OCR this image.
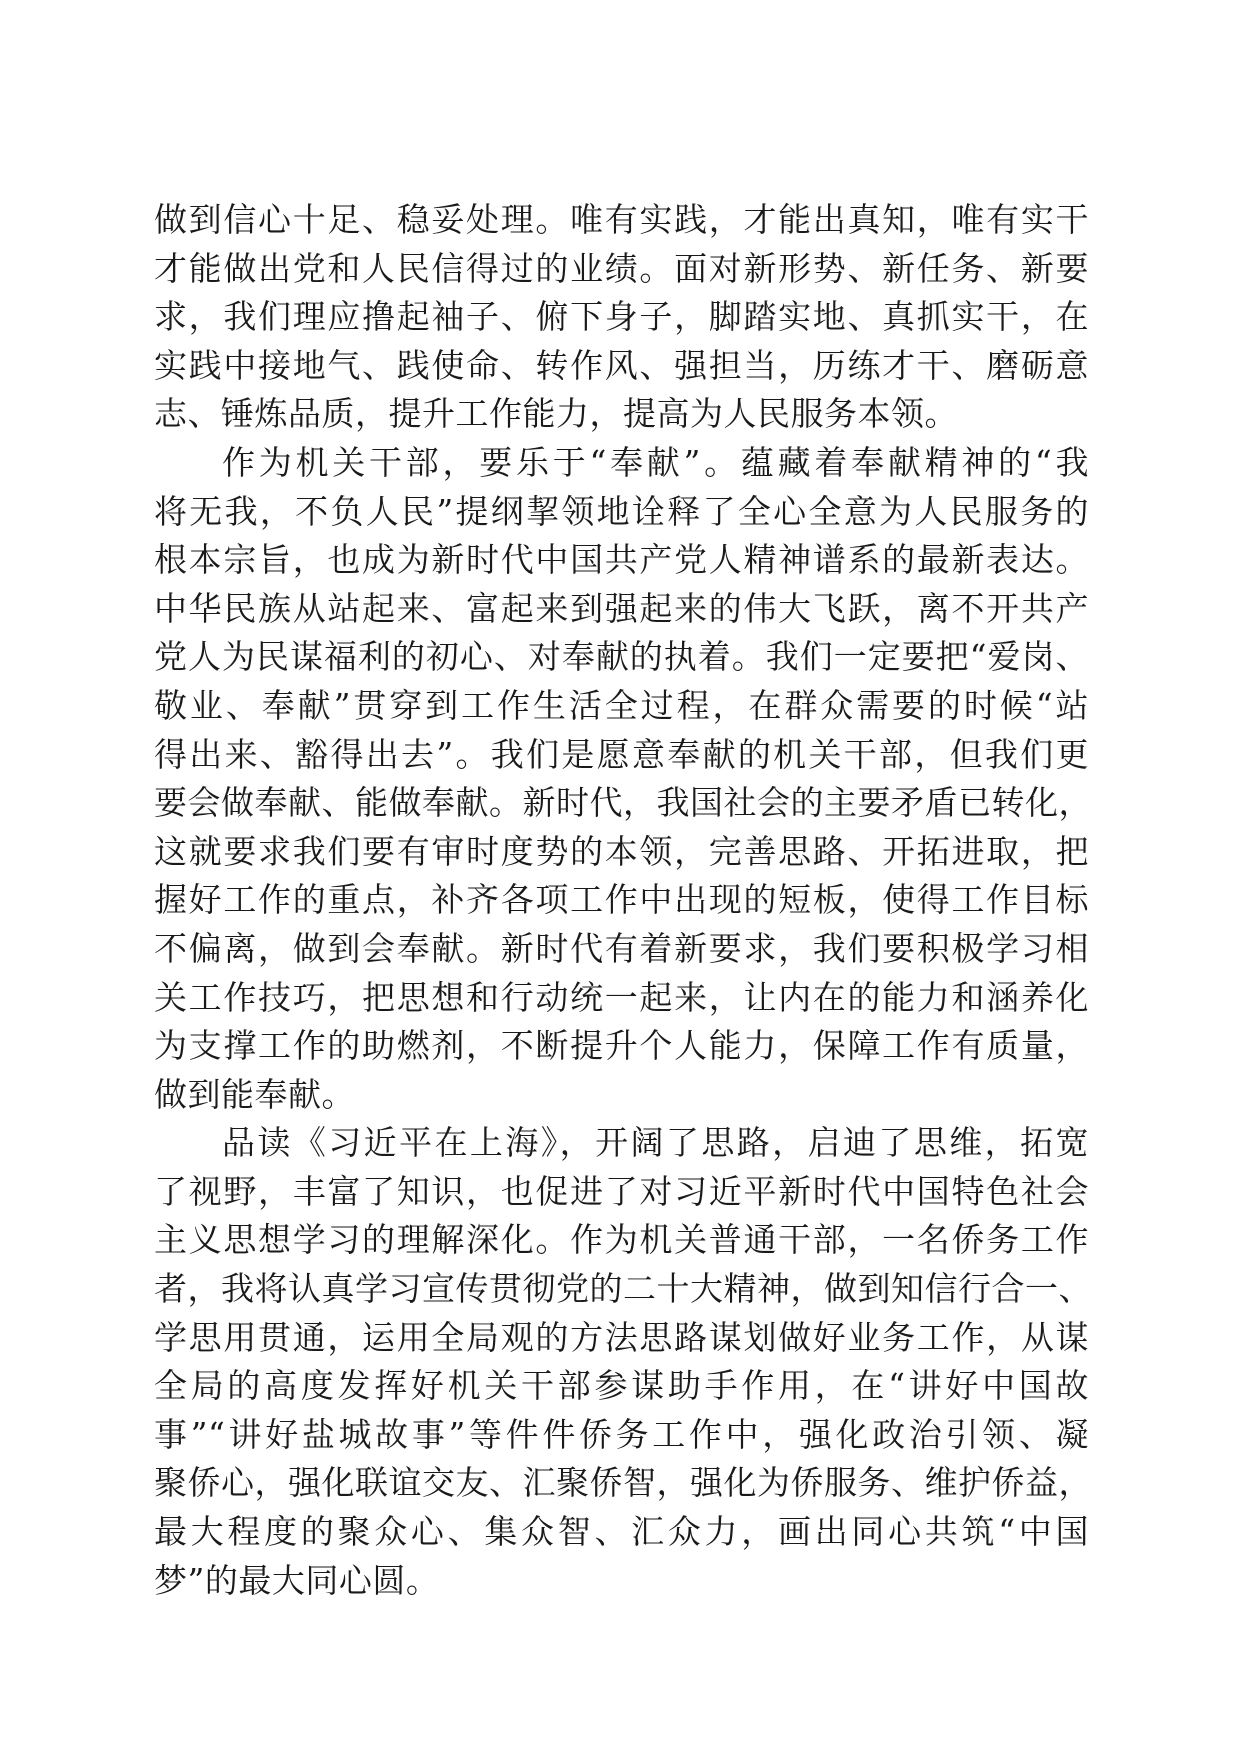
做到信心十足、稳妥处理。唯有实践，才能出真知，唯有实干
才能做出党和人民信得过的业绩。面对新形势、新任务、新要
求，我们理应撸起袖子、俯下身子，脚踏实地、真抓实干，在
实践中接地气、践使命、转作风、强担当，历练才干、磨砺意
志、锤炼品质，提升工作能力，提高为人民服务本领。
作为机关干部，要乐于“奉献”。蕴藏着奉献精神的“我
将无我，不负人民”提纲挈领地诠释了全心全意为人民服务的
根本宗旨，也成为新时代中国共产党人精神谱系的最新表达。
中华民族从站起来、富起来到强起来的伟大飞跃，离不开共产
党人为民谋福利的初心、对奉献的执着。我们一定要把“爱岗、
敬业、奉献”贯穿到工作生活全过程，在群众需要的时候“站
得出来、豁得出去”。我们是愿意奉献的机关干部，但我们更
要会做奉献、能做奉献。新时代，我国社会的主要矛盾已转化，
这就要求我们要有审时度势的本领，完善思路、开拓进取，把
握好工作的重点，补齐各项工作中出现的短板，使得工作目标
不偏离，做到会奉献。新时代有着新要求，我们要积极学习相
关工作技巧，把思想和行动统一起来，让内在的能力和涵养化
为支撑工作的助燃剂，不断提升个人能力，保障工作有质量，
做到能奉献。
品读《习近平在上海》，开阔了思路，启迪了思维，拓宽
了视野，丰富了知识，也促进了对习近平新时代中国特色社会
主义思想学习的理解深化。作为机关普通干部，一名侨务工作
者，我将认真学习宣传贯彻党的二十大精神，做到知信行合一、
学思用贯通，运用全局观的方法思路谋划做好业务工作，从谋
全局的高度发挥好机关干部参谋助手作用，在“讲好中国故
事”“讲好盐城故事”等件件侨务工作中，强化政治引领、凝
聚侨心，强化联谊交友、汇聚侨智，强化为侨服务、维护侨益，
最大程度的聚众心、集众智、汇众力，画出同心共筑“中国
梦”的最大同心圆。
